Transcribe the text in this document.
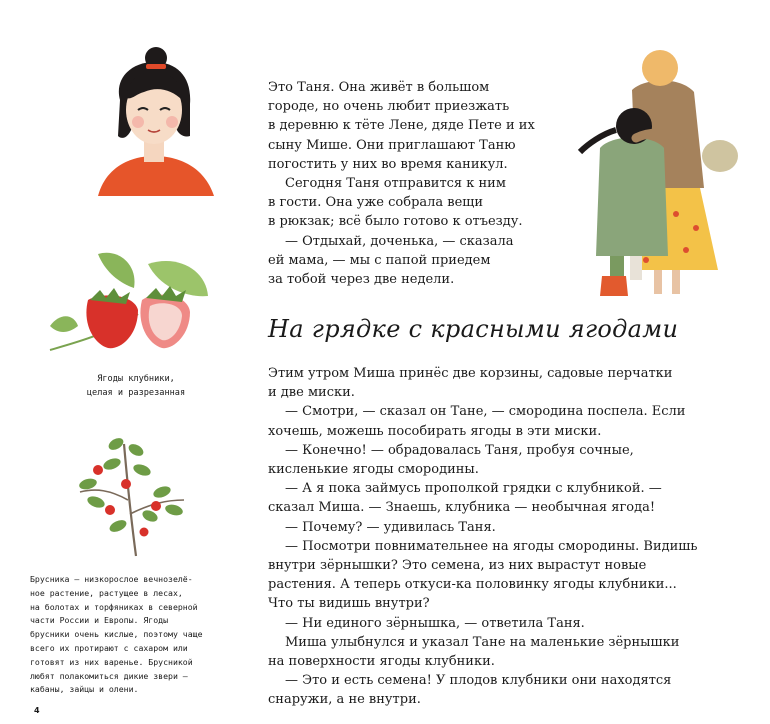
Ягоды клубники,
целая и разрезанная
Брусника — низкорослое вечнозелё-
ное растение, растущее в лесах,
на болотах и торфяниках в северной
части России и Европы. Ягоды
брусники очень кислые, поэтому чаще
всего их протирают с сахаром или
готовят из них варенье. Брусникой
любят полакомиться дикие звери —
кабаны, зайцы и олени.

Это Таня. Она живёт в большом

городе, но очень любит приезжать

в деревню к тёте Лене, дяде Пете и их

сыну Мише. Они приглашают Таню

погостить у них во время каникул.

Сегодня Таня отправится к ним

в гости. Она уже собрала вещи

в рюкзак; всё было готово к отъезду.

— Отдыхай, доченька, — сказала

ей мама, — мы с папой приедем

за тобой через две недели.

На грядке с красными ягодами

Этим утром Миша принёс две корзины, садовые перчатки

и две миски.

— Смотри, — сказал он Тане, — смородина поспела. Если

хочешь, можешь пособирать ягоды в эти миски.

— Конечно! — обрадовалась Таня, пробуя сочные,

кисленькие ягоды смородины.

— А я пока займусь прополкой грядки с клубникой. —

сказал Миша. — Знаешь, клубника — необычная ягода!

— Почему? — удивилась Таня.

— Посмотри повнимательнее на ягоды смородины. Видишь

внутри зёрнышки? Это семена, из них вырастут новые

растения. А теперь откуси-ка половинку ягоды клубники...

Что ты видишь внутри?

— Ни единого зёрнышка, — ответила Таня.

Миша улыбнулся и указал Тане на маленькие зёрнышки

на поверхности ягоды клубники.

— Это и есть семена! У плодов клубники они находятся

снаружи, а не внутри.

4
